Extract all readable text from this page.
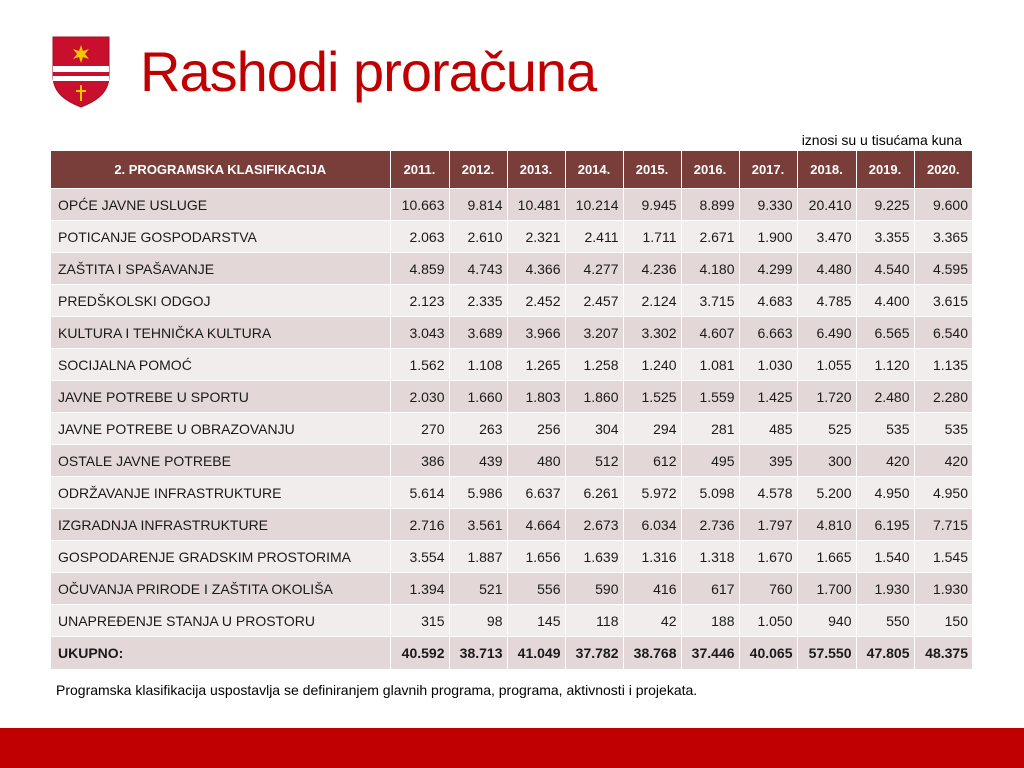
Rashodi proračuna
iznosi su u tisućama kuna
2. PROGRAMSKA KLASIFIKACIJA	2011.	2012.	2013.	2014.	2015.	2016.	2017.	2018.	2019.	2020.
OPĆE JAVNE USLUGE	10.663	9.814	10.481	10.214	9.945	8.899	9.330	20.410	9.225	9.600
POTICANJE GOSPODARSTVA	2.063	2.610	2.321	2.411	1.711	2.671	1.900	3.470	3.355	3.365
ZAŠTITA I SPAŠAVANJE	4.859	4.743	4.366	4.277	4.236	4.180	4.299	4.480	4.540	4.595
PREDŠKOLSKI ODGOJ	2.123	2.335	2.452	2.457	2.124	3.715	4.683	4.785	4.400	3.615
KULTURA I TEHNIČKA KULTURA	3.043	3.689	3.966	3.207	3.302	4.607	6.663	6.490	6.565	6.540
SOCIJALNA POMOĆ	1.562	1.108	1.265	1.258	1.240	1.081	1.030	1.055	1.120	1.135
JAVNE POTREBE U SPORTU	2.030	1.660	1.803	1.860	1.525	1.559	1.425	1.720	2.480	2.280
JAVNE POTREBE U OBRAZOVANJU	270	263	256	304	294	281	485	525	535	535
OSTALE JAVNE POTREBE	386	439	480	512	612	495	395	300	420	420
ODRŽAVANJE INFRASTRUKTURE	5.614	5.986	6.637	6.261	5.972	5.098	4.578	5.200	4.950	4.950
IZGRADNJA INFRASTRUKTURE	2.716	3.561	4.664	2.673	6.034	2.736	1.797	4.810	6.195	7.715
GOSPODARENJE GRADSKIM PROSTORIMA	3.554	1.887	1.656	1.639	1.316	1.318	1.670	1.665	1.540	1.545
OČUVANJA PRIRODE I ZAŠTITA OKOLIŠA	1.394	521	556	590	416	617	760	1.700	1.930	1.930
UNAPREĐENJE STANJA U PROSTORU	315	98	145	118	42	188	1.050	940	550	150
UKUPNO:	40.592	38.713	41.049	37.782	38.768	37.446	40.065	57.550	47.805	48.375
Programska klasifikacija uspostavlja se definiranjem glavnih programa, programa, aktivnosti i projekata.
